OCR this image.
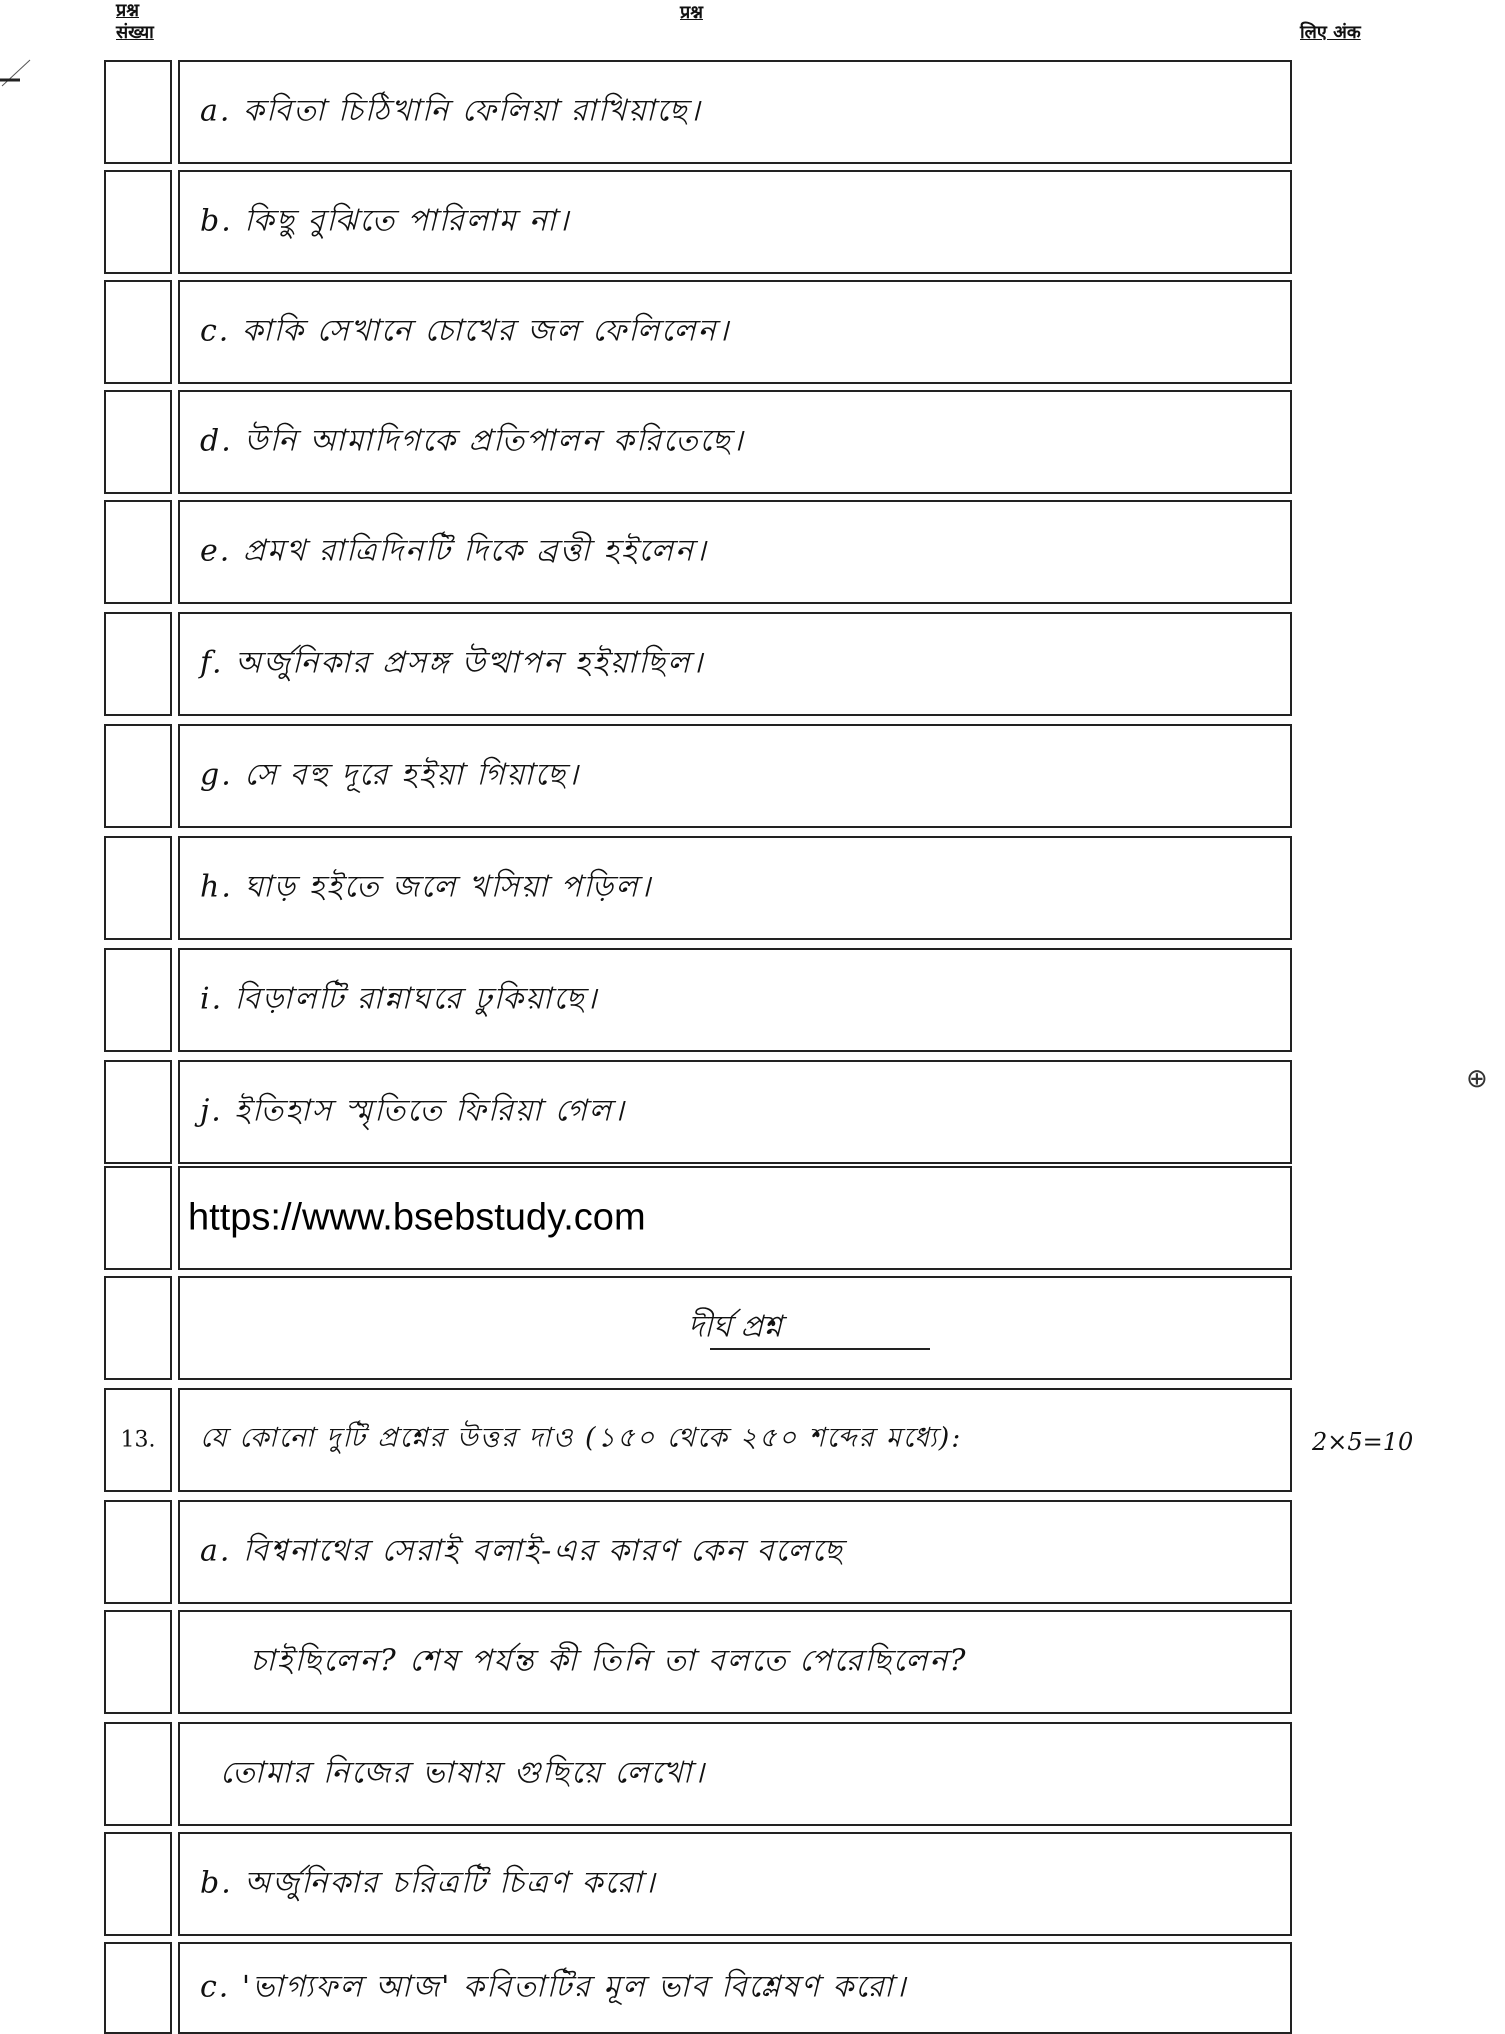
प्रश्न
संख्या
प्रश्न
लिए अंक
⊕
a. কবিতা চিঠিখানি ফেলিয়া রাখিয়াছে।
b. কিছু বুঝিতে পারিলাম না।
c. কাকি সেখানে চোখের জল ফেলিলেন।
d. উনি আমাদিগকে প্রতিপালন করিতেছে।
e. প্রমথ রাত্রিদিনটি দিকে ব্রত্তী হইলেন।
f. অর্জুনিকার প্রসঙ্গ উত্থাপন হইয়াছিল।
g. সে বহু দূরে হইয়া গিয়াছে।
h. ঘাড় হইতে জলে খসিয়া পড়িল।
i. বিড়ালটি রান্নাঘরে ঢুকিয়াছে।
j. ইতিহাস স্মৃতিতে ফিরিয়া গেল।
https://www.bsebstudy.com
দীর্ঘ প্রশ্ন
13.	যে কোনো দুটি প্রশ্নের উত্তর দাও (১৫০ থেকে ২৫০ শব্দের মধ্যে):	2×5=10
a. বিশ্বনাথের সেরাই বলাই-এর কারণ কেন বলেছে
চাইছিলেন? শেষ পর্যন্ত কী তিনি তা বলতে পেরেছিলেন?
তোমার নিজের ভাষায় গুছিয়ে লেখো।
b. অর্জুনিকার চরিত্রটি চিত্রণ করো।
c. 'ভাগ্যফল আজ' কবিতাটির মূল ভাব বিশ্লেষণ করো।
